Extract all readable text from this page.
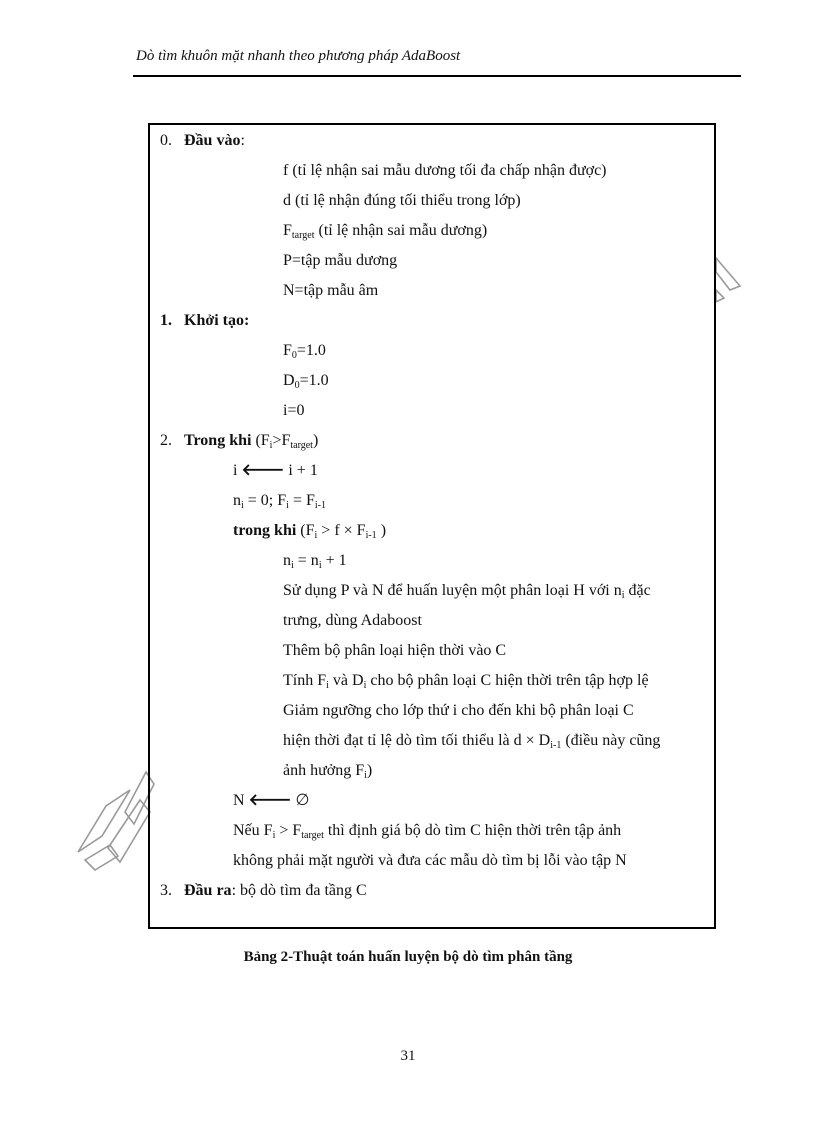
Dò tìm khuôn mặt nhanh theo phương pháp AdaBoost
0. Đầu vào:
f (tỉ lệ nhận sai mẫu dương tối đa chấp nhận được)
d (tỉ lệ nhận đúng tối thiểu trong lớp)
$F_{target}$ (tỉ lệ nhận sai mẫu dương)
P=tập mẫu dương
N=tập mẫu âm
1. Khởi tạo:
$F_0=1.0$
$D_0=1.0$
i=0
2. Trong khi $(F_i>F_{target})$
i 🡐 i + 1
$n_i = 0$; $F_i = F_{i-1}$
trong khi ($F_i > f \times F_{i-1}$ )
$n_i = n_i + 1$
Sử dụng P và N để huấn luyện một phân loại H với $n_i$ đặc
trưng, dùng Adaboost
Thêm bộ phân loại hiện thời vào C
Tính $F_i$ và $D_i$ cho bộ phân loại C hiện thời trên tập hợp lệ
Giảm ngưỡng cho lớp thứ i cho đến khi bộ phân loại C
hiện thời đạt tỉ lệ dò tìm tối thiểu là $d \times D_{i-1}$ (điều này cũng
ảnh hưởng $F_i$)
N 🡐 ∅
Nếu $F_i > F_{target}$ thì định giá bộ dò tìm C hiện thời trên tập ảnh
không phải mặt người và đưa các mẫu dò tìm bị lỗi vào tập N
3. Đầu ra: bộ dò tìm đa tầng C
Bảng 2-Thuật toán huấn luyện bộ dò tìm phân tầng
31
